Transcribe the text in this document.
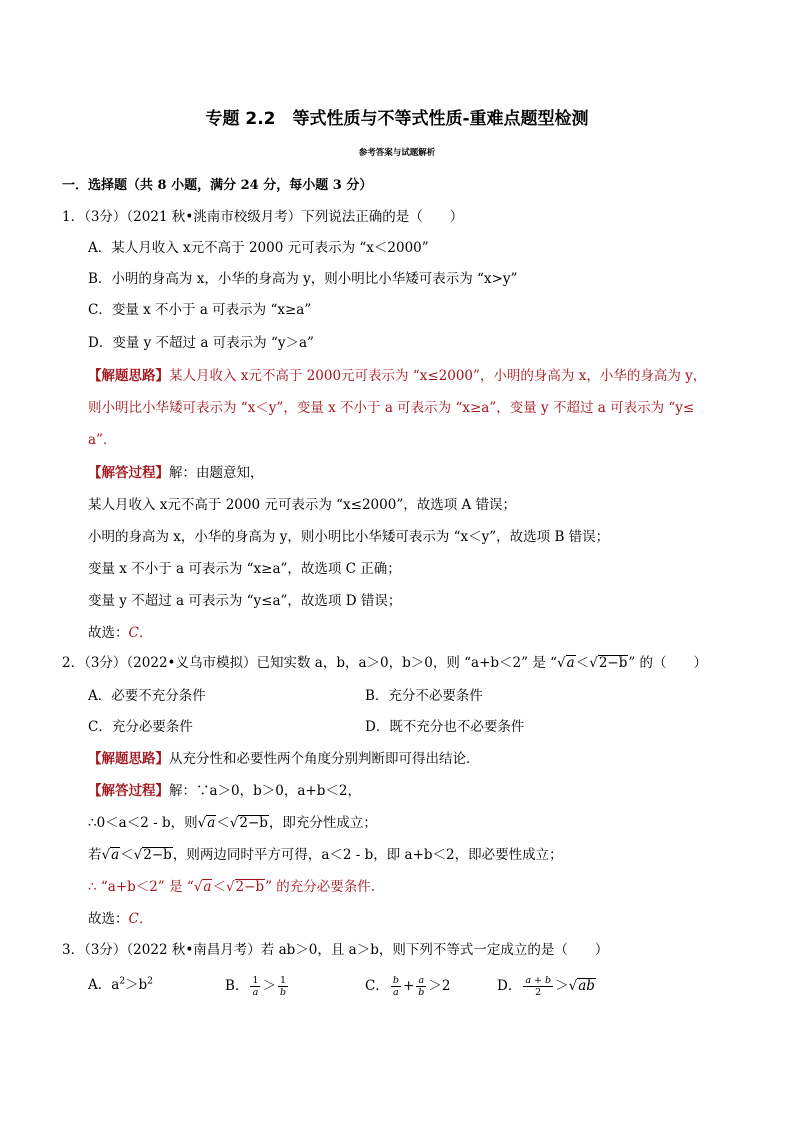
专题 2.2　等式性质与不等式性质-重难点题型检测
参考答案与试题解析
一．选择题（共 8 小题，满分 24 分，每小题 3 分）
1．（3分）（2021 秋•洮南市校级月考）下列说法正确的是（　　）
A．某人月收入 x元不高于 2000 元可表示为 “x＜2000”
B．小明的身高为 x，小华的身高为 y，则小明比小华矮可表示为 “x>y”
C．变量 x 不小于 a 可表示为 “x≥a”
D．变量 y 不超过 a 可表示为 “y＞a”
【解题思路】某人月收入 x元不高于 2000元可表示为 “x≤2000”，小明的身高为 x，小华的身高为 y，
则小明比小华矮可表示为 “x＜y”，变量 x 不小于 a 可表示为 “x≥a”，变量 y 不超过 a 可表示为 “y≤
a”．
【解答过程】解：由题意知，
某人月收入 x元不高于 2000 元可表示为 “x≤2000”，故选项 A 错误；
小明的身高为 x，小华的身高为 y，则小明比小华矮可表示为 “x＜y”，故选项 B 错误；
变量 x 不小于 a 可表示为 “x≥a”，故选项 C 正确；
变量 y 不超过 a 可表示为 “y≤a”，故选项 D 错误；
故选：C．
2．（3分）（2022•义乌市模拟）已知实数 a，b，a＞0，b＞0，则 “a+b＜2” 是 “√a＜√2−b” 的（　　）
A．必要不充分条件	B．充分不必要条件
C．充分必要条件	D．既不充分也不必要条件
【解题思路】从充分性和必要性两个角度分别判断即可得出结论．
【解答过程】解：∵a＞0，b＞0，a+b＜2，
∴0＜a＜2 - b，则√a＜√2−b，即充分性成立；
若√a＜√2−b，则两边同时平方可得，a＜2 - b，即 a+b＜2，即必要性成立；
∴ “a+b＜2” 是 “√a＜√2−b” 的充分必要条件.
故选：C．
3．（3分）（2022 秋•南昌月考）若 ab＞0，且 a＞b，则下列不等式一定成立的是（　　）
A．$a^2>b^2$	B． $\frac{1}{a} > \frac{1}{b}$	C． $\frac{b}{a} + \frac{a}{b} >2$	D． $\frac{a + b}{2} >√ab$
